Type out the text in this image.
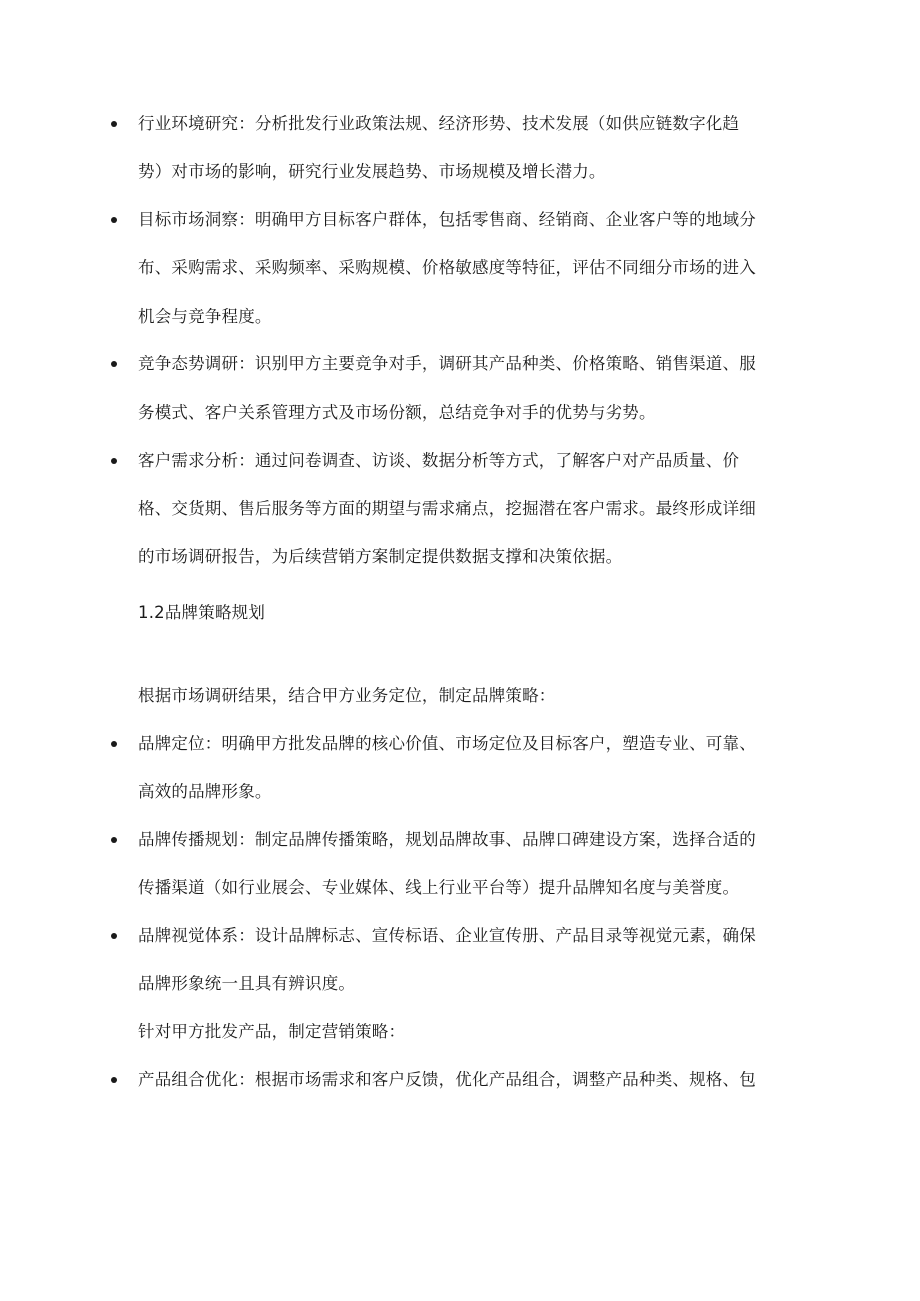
行业环境研究：分析批发行业政策法规、经济形势、技术发展（如供应链数字化趋
势）对市场的影响，研究行业发展趋势、市场规模及增长潜力。
目标市场洞察：明确甲方目标客户群体，包括零售商、经销商、企业客户等的地域分
布、采购需求、采购频率、采购规模、价格敏感度等特征，评估不同细分市场的进入
机会与竞争程度。
竞争态势调研：识别甲方主要竞争对手，调研其产品种类、价格策略、销售渠道、服
务模式、客户关系管理方式及市场份额，总结竞争对手的优势与劣势。
客户需求分析：通过问卷调查、访谈、数据分析等方式，了解客户对产品质量、价
格、交货期、售后服务等方面的期望与需求痛点，挖掘潜在客户需求。最终形成详细
的市场调研报告，为后续营销方案制定提供数据支撑和决策依据。
1.2品牌策略规划
根据市场调研结果，结合甲方业务定位，制定品牌策略：
品牌定位：明确甲方批发品牌的核心价值、市场定位及目标客户，塑造专业、可靠、
高效的品牌形象。
品牌传播规划：制定品牌传播策略，规划品牌故事、品牌口碑建设方案，选择合适的
传播渠道（如行业展会、专业媒体、线上行业平台等）提升品牌知名度与美誉度。
品牌视觉体系：设计品牌标志、宣传标语、企业宣传册、产品目录等视觉元素，确保
品牌形象统一且具有辨识度。
针对甲方批发产品，制定营销策略：
产品组合优化：根据市场需求和客户反馈，优化产品组合，调整产品种类、规格、包
